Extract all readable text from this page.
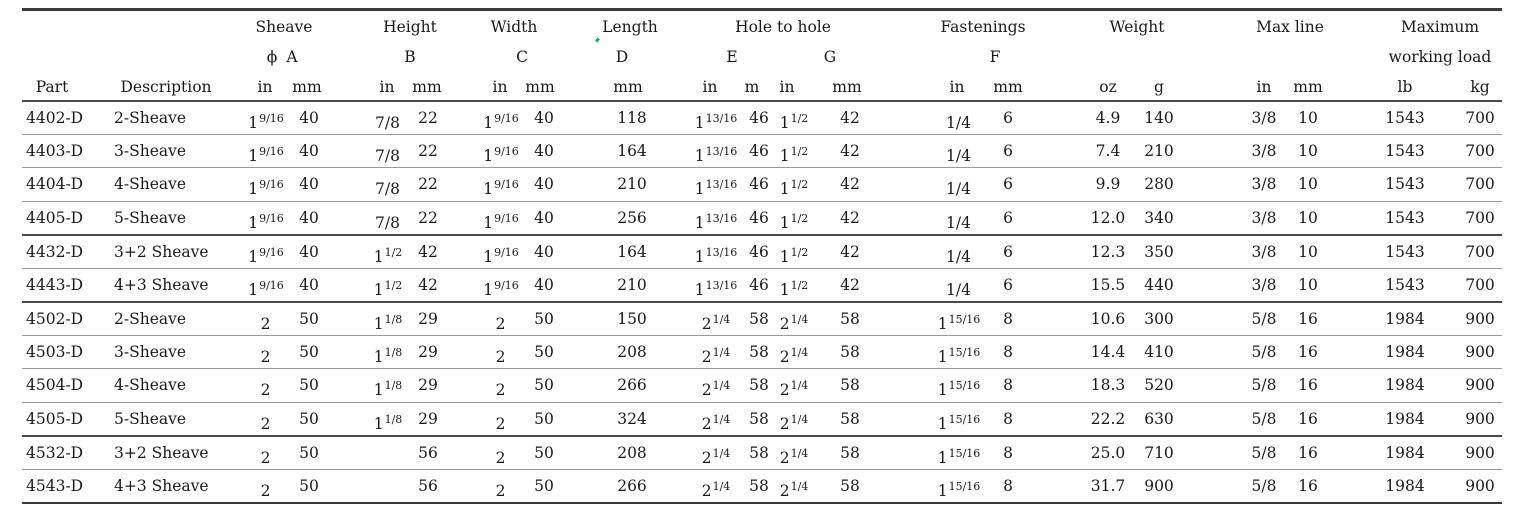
Sheave	Height	Width	Length	Hole to hole	Fastenings	Weight	Max line	Maximum
ϕ A	B	C	D	E	G	F	working load
Part	Description	in mm	in mm	in mm	mm	in m in mm	in mm	oz g	in mm	lb	kg
4402-D 2-Sheave	$1^{9/16}$ 40	7/8 22	$1^{9/16}$ 40	118	$1^{13/16}$ 46 $1^{1/2}$ 42	1/4 6	4.9 140	3/8 10	1543	700
4403-D 3-Sheave	$1^{9/16}$ 40	7/8 22	$1^{9/16}$ 40	164	$1^{13/16}$ 46 $1^{1/2}$ 42	1/4 6	7.4 210	3/8 10	1543	700
4404-D 4-Sheave	$1^{9/16}$ 40	7/8 22	$1^{9/16}$ 40	210	$1^{13/16}$ 46 $1^{1/2}$ 42	1/4 6	9.9 280	3/8 10	1543	700
4405-D 5-Sheave	$1^{9/16}$ 40	7/8 22	$1^{9/16}$ 40	256	$1^{13/16}$ 46 $1^{1/2}$ 42	1/4 6	12.0 340	3/8 10	1543	700
4432-D 3+2 Sheave	$1^{9/16}$ 40	$1^{1/2}$ 42	$1^{9/16}$ 40	164	$1^{13/16}$ 46 $1^{1/2}$ 42	1/4 6	12.3 350	3/8 10	1543	700
4443-D 4+3 Sheave	$1^{9/16}$ 40	$1^{1/2}$ 42	$1^{9/16}$ 40	210	$1^{13/16}$ 46 $1^{1/2}$ 42	1/4 6	15.5 440	3/8 10	1543	700
4502-D 2-Sheave	2 50	$1^{1/8}$ 29	2 50	150	$2^{1/4}$ 58 $2^{1/4}$ 58	$1^{15/16}$ 8	10.6 300	5/8 16	1984	900
4503-D 3-Sheave	2 50	$1^{1/8}$ 29	2 50	208	$2^{1/4}$ 58 $2^{1/4}$ 58	$1^{15/16}$ 8	14.4 410	5/8 16	1984	900
4504-D 4-Sheave	2 50	$1^{1/8}$ 29	2 50	266	$2^{1/4}$ 58 $2^{1/4}$ 58	$1^{15/16}$ 8	18.3 520	5/8 16	1984	900
4505-D 5-Sheave	2 50	$1^{1/8}$ 29	2 50	324	$2^{1/4}$ 58 $2^{1/4}$ 58	$1^{15/16}$ 8	22.2 630	5/8 16	1984	900
4532-D 3+2 Sheave	2 50	56	2 50	208	$2^{1/4}$ 58 $2^{1/4}$ 58	$1^{15/16}$ 8	25.0 710	5/8 16	1984	900
4543-D 4+3 Sheave	2 50	56	2 50	266	$2^{1/4}$ 58 $2^{1/4}$ 58	$1^{15/16}$ 8	31.7 900	5/8 16	1984	900
